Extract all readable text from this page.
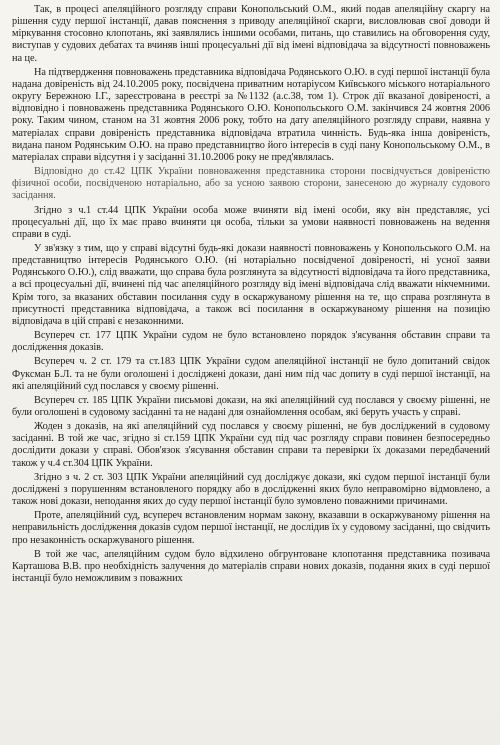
Так, в процесі апеляційного розгляду справи Конопольський О.М., який подав апеляційну скаргу на рішення суду першої інстанції, давав пояснення з приводу апеляційної скарги, висловлював свої доводи й міркування стосовно клопотань, які заявлялись іншими особами, питань, що ставились на обговорення суду, виступав у судових дебатах та вчиняв інші процесуальні дії від імені відповідача за відсутності повноважень на це.

На підтвердження повноважень представника відповідача Родянського О.Ю. в суді першої інстанції була надана довіреність від 24.10.2005 року, посвідчена приватним нотаріусом Київського міського нотаріального округу Бережною І.Г., зареєстрована в реєстрі за №1132 (а.с.38, том 1). Строк дії вказаної довіреності, а відповідно і повноважень представника Родянського О.Ю. Конопольського О.М. закінчився 24 жовтня 2006 року. Таким чином, станом на 31 жовтня 2006 року, тобто на дату апеляційного розгляду справи, наявна у матеріалах справи довіреність представника відповідача втратила чинність. Будь-яка інша довіреність, видана паном Родянським О.Ю. на право представництво його інтересів в суді пану Конопольському О.М., в матеріалах справи відсутня і у засіданні 31.10.2006 року не пред'являлась.

Відповідно до ст.42 ЦПК України повноваження представника сторони посвідчується довіреністю фізичної особи, посвідченою нотаріально, або за усною заявою сторони, занесеною до журналу судового засідання.

Згідно з ч.1 ст.44 ЦПК України особа може вчиняти від імені особи, яку він представляє, усі процесуальні дії, що їх має право вчиняти ця особа, тільки за умови наявності повноважень на ведення справи в суді.

У зв'язку з тим, що у справі відсутні будь-які докази наявності повноважень у Конопольського О.М. на представництво інтересів Родянського О.Ю. (ні нотаріально посвідченої довіреності, ні усної заяви Родянського О.Ю.), слід вважати, що справа була розглянута за відсутності відповідача та його представника, а всі процесуальні дії, вчинені під час апеляційного розгляду від імені відповідача слід вважати нікчемними. Крім того, за вказаних обставин посилання суду в оскаржуваному рішення на те, що справа розглянута в присутності представника відповідача, а також всі посилання в оскаржуваному рішення на позицію відповідача в цій справі є незаконними.

Всупереч ст. 177 ЦПК України судом не було встановлено порядок з'ясування обставин справи та дослідження доказів.

Всупереч ч. 2 ст. 179 та ст.183 ЦПК України судом апеляційної інстанції не було допитаний свідок Фуксман Б.Л. та не були оголошені і досліджені докази, дані ним під час допиту в суді першої інстанції, на які апеляційний суд послався у своєму рішенні.

Всупереч ст. 185 ЦПК України письмові докази, на які апеляційний суд послався у своєму рішенні, не були оголошені в судовому засіданні та не надані для ознайомлення особам, які беруть участь у справі.

Жоден з доказів, на які апеляційний суд послався у своєму рішенні, не був досліджений в судовому засіданні. В той же час, згідно зі ст.159 ЦПК України суд під час розгляду справи повинен безпосередньо дослідити докази у справі. Обов'язок з'ясування обставин справи та перевірки їх доказами передбачений також у ч.4 ст.304 ЦПК України.

Згідно з ч. 2 ст. 303 ЦПК України апеляційний суд досліджує докази, які судом першої інстанції були досліджені з порушенням встановленого порядку або в дослідженні яких було неправомірно відмовлено, а також нові докази, неподання яких до суду першої інстанції було зумовлено поважними причинами.

Проте, апеляційний суд, всупереч встановленим нормам закону, вказавши в оскаржуваному рішення на неправильність дослідження доказів судом першої інстанції, не дослідив їх у судовому засіданні, що свідчить про незаконність оскаржуваного рішення.

В той же час, апеляційним судом було відхилено обгрунтоване клопотання представника позивача Карташова В.В. про необхідність залучення до матеріалів справи нових доказів, подання яких в суді першої інстанції було неможливим з поважних
